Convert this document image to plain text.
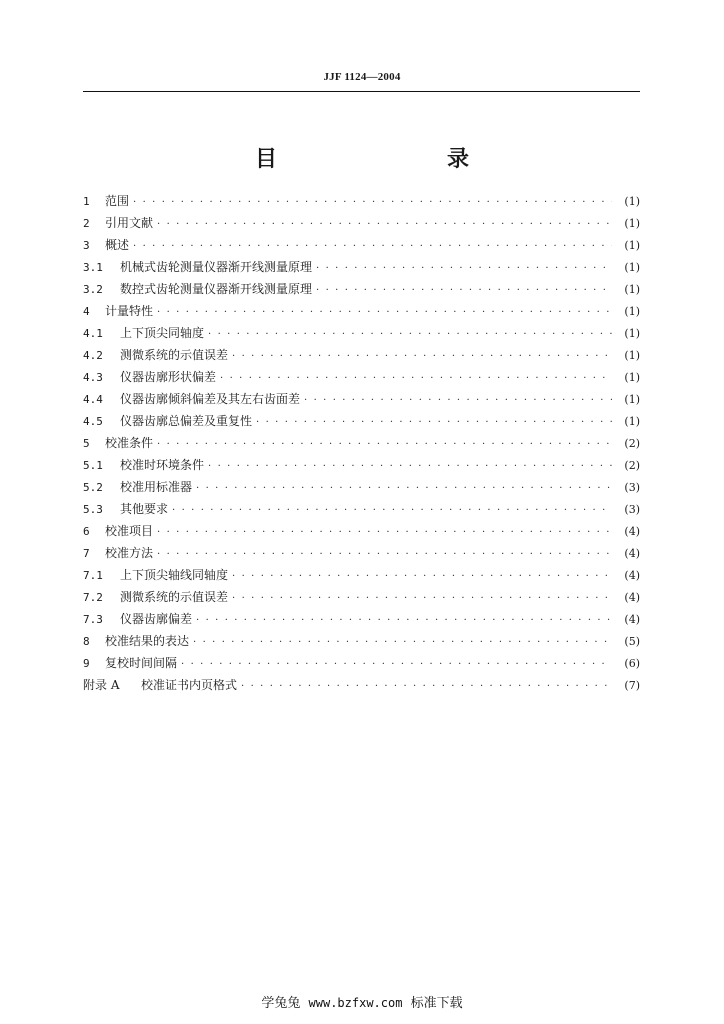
JJF 1124—2004
目　　录
1	范围 · · ·	(1)
2	引用文献 · · ·	(1)
3	概述 · · ·	(1)
3.1	机械式齿轮测量仪器渐开线测量原理 · · ·	(1)
3.2	数控式齿轮测量仪器渐开线测量原理 · · ·	(1)
4	计量特性 · · ·	(1)
4.1	上下顶尖同轴度 · · ·	(1)
4.2	测微系统的示值误差 · · ·	(1)
4.3	仪器齿廓形状偏差 · · ·	(1)
4.4	仪器齿廓倾斜偏差及其左右齿面差 · · ·	(1)
4.5	仪器齿廓总偏差及重复性 · · ·	(1)
5	校准条件 · · ·	(2)
5.1	校准时环境条件 · · ·	(2)
5.2	校准用标准器 · · ·	(3)
5.3	其他要求 · · ·	(3)
6	校准项目 · · ·	(4)
7	校准方法 · · ·	(4)
7.1	上下顶尖轴线同轴度 · · ·	(4)
7.2	测微系统的示值误差 · · ·	(4)
7.3	仪器齿廓偏差 · · ·	(4)
8	校准结果的表达 · · ·	(5)
9	复校时间间隔 · · ·	(6)
附录 A	校准证书内页格式 · · ·	(7)
学兔兔 www.bzfxw.com 标准下载
